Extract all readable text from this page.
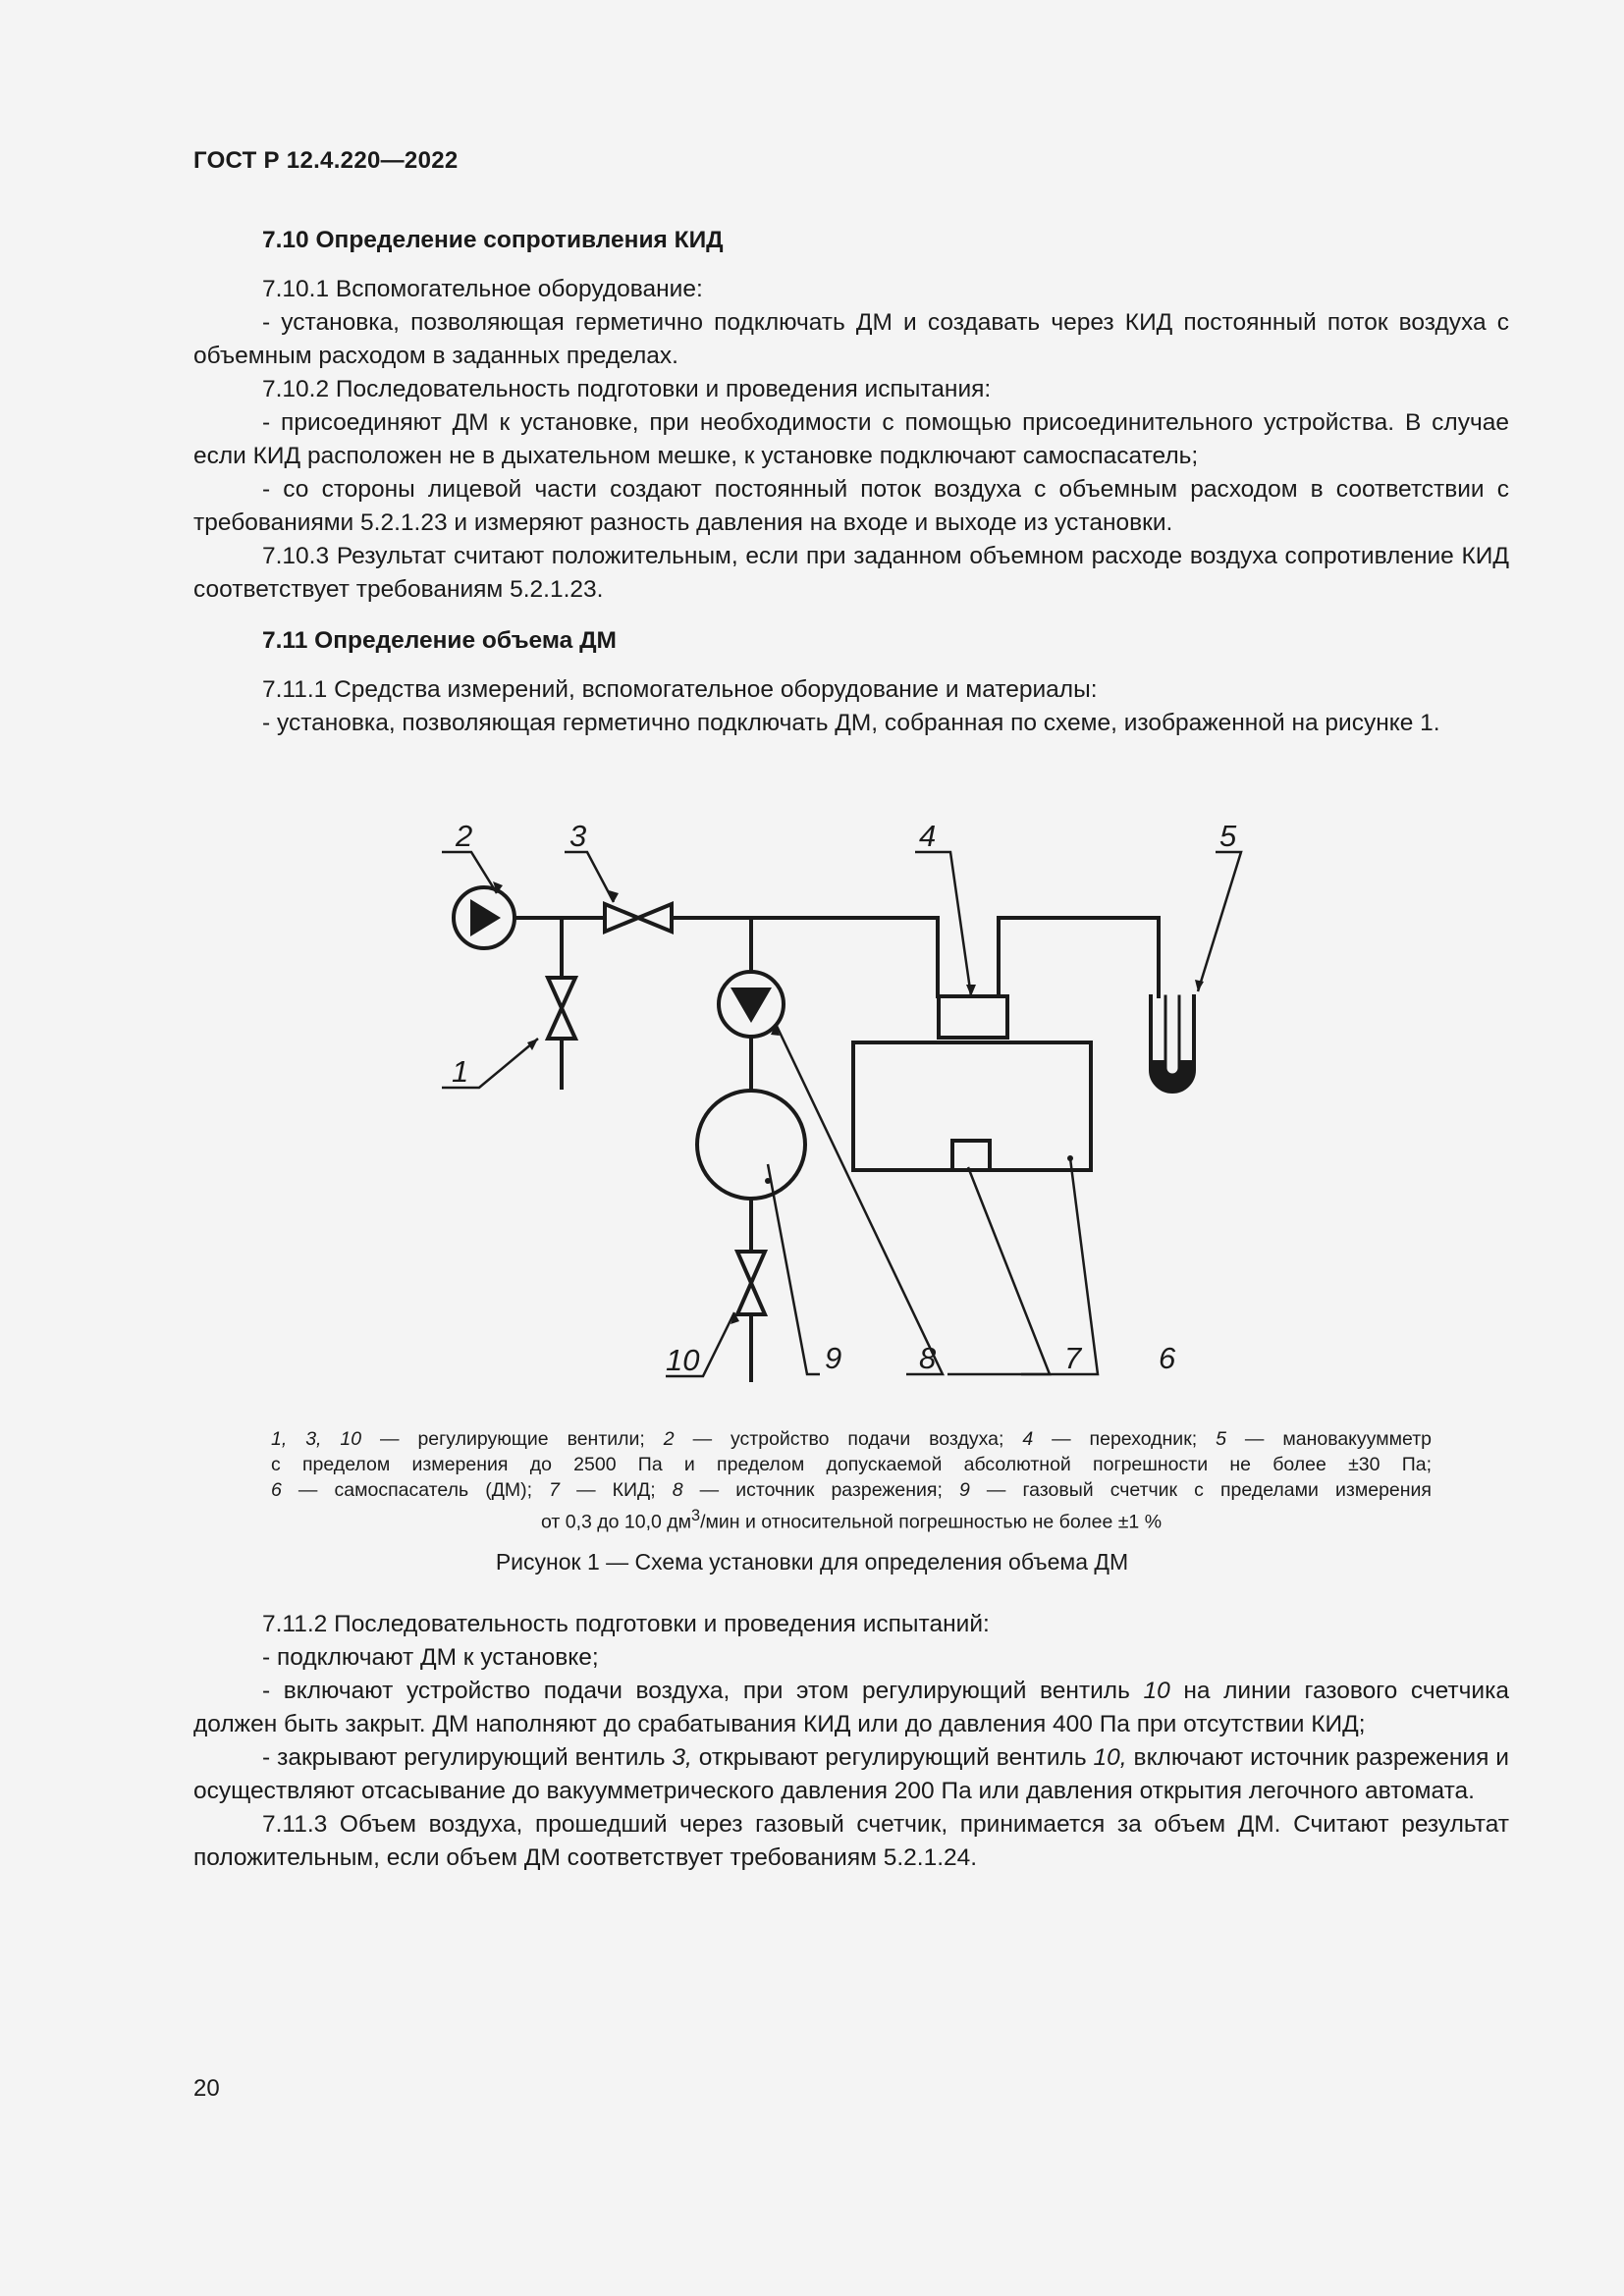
ГОСТ Р 12.4.220—2022

7.10 Определение сопротивления КИД

7.10.1 Вспомогательное оборудование:

- установка, позволяющая герметично подключать ДМ и создавать через КИД постоянный поток воздуха с объемным расходом в заданных пределах.

7.10.2 Последовательность подготовки и проведения испытания:

- присоединяют ДМ к установке, при необходимости с помощью присоединительного устройства. В случае если КИД расположен не в дыхательном мешке, к установке подключают самоспасатель;

- со стороны лицевой части создают постоянный поток воздуха с объемным расходом в соответствии с требованиями 5.2.1.23 и измеряют разность давления на входе и выходе из установки.

7.10.3 Результат считают положительным, если при заданном объемном расходе воздуха сопротивление КИД соответствует требованиям 5.2.1.23.

7.11 Определение объема ДМ

7.11.1 Средства измерений, вспомогательное оборудование и материалы:

- установка, позволяющая герметично подключать ДМ, собранная по схеме, изображенной на рисунке 1.

2	3
1
4	5
10	9	8	7	6

1, 3, 10 — регулирующие вентили; 2 — устройство подачи воздуха; 4 — переходник; 5 — мановакуумметр

с пределом измерения до 2500 Па и пределом допускаемой абсолютной погрешности не более ±30 Па;

6 — самоспасатель (ДМ); 7 — КИД; 8 — источник разрежения; 9 — газовый счетчик с пределами измерения

от 0,3 до 10,0 $дм^3$/мин и относительной погрешностью не более ±1 %

Рисунок 1 — Схема установки для определения объема ДМ

7.11.2 Последовательность подготовки и проведения испытаний:

- подключают ДМ к установке;

- включают устройство подачи воздуха, при этом регулирующий вентиль 10 на линии газового счетчика должен быть закрыт. ДМ наполняют до срабатывания КИД или до давления 400 Па при отсутствии КИД;

- закрывают регулирующий вентиль 3, открывают регулирующий вентиль 10, включают источник разрежения и осуществляют отсасывание до вакуумметрического давления 200 Па или давления открытия легочного автомата.

7.11.3 Объем воздуха, прошедший через газовый счетчик, принимается за объем ДМ. Считают результат положительным, если объем ДМ соответствует требованиям 5.2.1.24.

20
